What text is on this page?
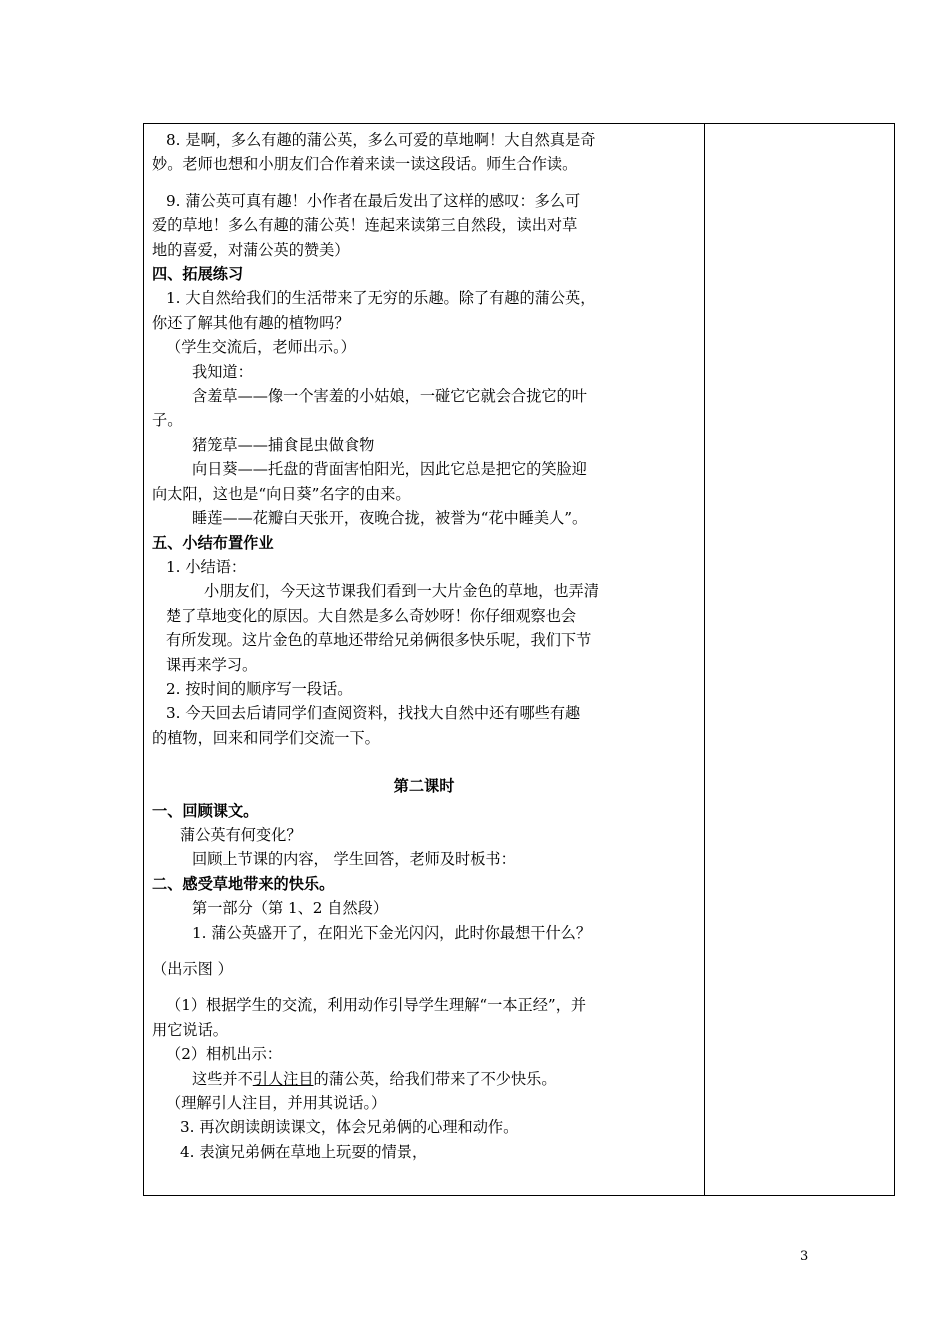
8. 是啊，多么有趣的蒲公英，多么可爱的草地啊！大自然真是奇
妙。老师也想和小朋友们合作着来读一读这段话。师生合作读。
9. 蒲公英可真有趣！小作者在最后发出了这样的感叹：多么可
爱的草地！多么有趣的蒲公英！连起来读第三自然段，读出对草
地的喜爱，对蒲公英的赞美）
四、拓展练习
1. 大自然给我们的生活带来了无穷的乐趣。除了有趣的蒲公英，
你还了解其他有趣的植物吗？
（学生交流后，老师出示。）
我知道：
含羞草——像一个害羞的小姑娘，一碰它它就会合拢它的叶
子。
猪笼草——捕食昆虫做食物
向日葵——托盘的背面害怕阳光，因此它总是把它的笑脸迎
向太阳，这也是“向日葵”名字的由来。
睡莲——花瓣白天张开，夜晚合拢，被誉为“花中睡美人”。
五、小结布置作业
1. 小结语：
小朋友们，今天这节课我们看到一大片金色的草地，也弄清
楚了草地变化的原因。大自然是多么奇妙呀！你仔细观察也会
有所发现。这片金色的草地还带给兄弟俩很多快乐呢，我们下节
课再来学习。
2. 按时间的顺序写一段话。
3. 今天回去后请同学们查阅资料，找找大自然中还有哪些有趣
的植物，回来和同学们交流一下。
第二课时
一、回顾课文。
蒲公英有何变化？
回顾上节课的内容， 学生回答，老师及时板书：
二、感受草地带来的快乐。
第一部分（第 1、2 自然段）
1. 蒲公英盛开了，在阳光下金光闪闪，此时你最想干什么？
（出示图 ）
（1）根据学生的交流，利用动作引导学生理解“一本正经”，并
用它说话。
（2）相机出示：
这些并不引人注目的蒲公英，给我们带来了不少快乐。
（理解引人注目，并用其说话。）
3. 再次朗读朗读课文，体会兄弟俩的心理和动作。
4. 表演兄弟俩在草地上玩耍的情景，

3
